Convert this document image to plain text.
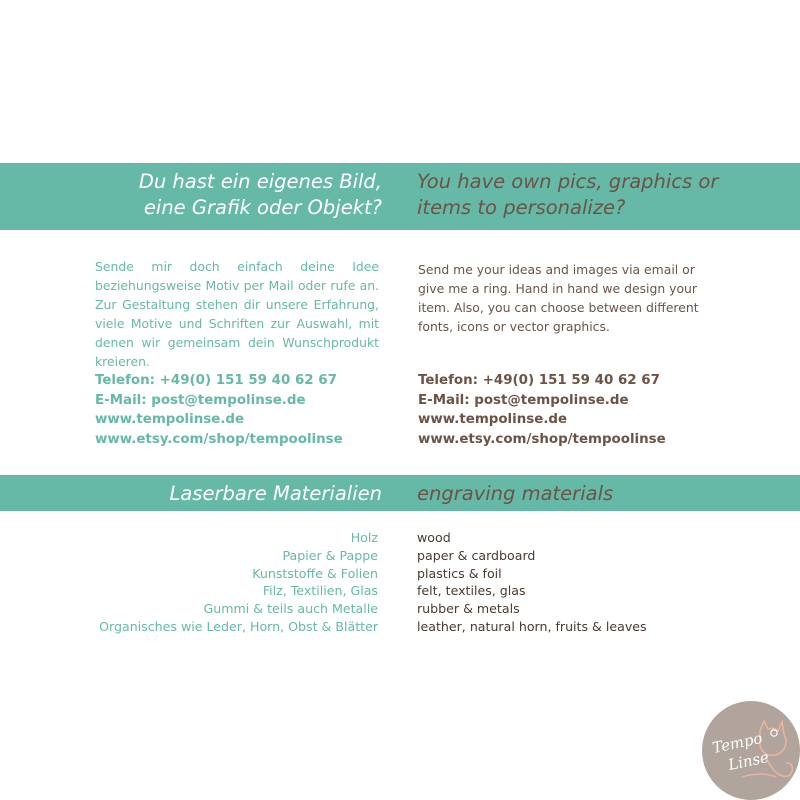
Du hast ein eigenes Bild,
eine Grafik oder Objekt?
You have own pics, graphics or
items to personalize?
Sende mir doch einfach deine Idee beziehungsweise Motiv per Mail oder rufe an. Zur Gestaltung stehen dir unsere Erfahrung, viele Motive und Schriften zur Auswahl, mit denen wir gemeinsam dein Wunschprodukt kreieren.
Send me your ideas and images via email or give me a ring. Hand in hand we design your item. Also, you can choose between different fonts, icons or vector graphics.
Telefon: +49(0) 151 59 40 62 67
E-Mail: post@tempolinse.de
www.tempolinse.de
www.etsy.com/shop/tempoolinse
Telefon: +49(0) 151 59 40 62 67
E-Mail: post@tempolinse.de
www.tempolinse.de
www.etsy.com/shop/tempoolinse
Laserbare Materialien engraving materials
Holz
Papier & Pappe
Kunststoffe & Folien
Filz, Textilien, Glas
Gummi & teils auch Metalle
Organisches wie Leder, Horn, Obst & Blätter
wood
paper & cardboard
plastics & foil
felt, textiles, glas
rubber & metals
leather, natural horn, fruits & leaves
Tempo
Linse
